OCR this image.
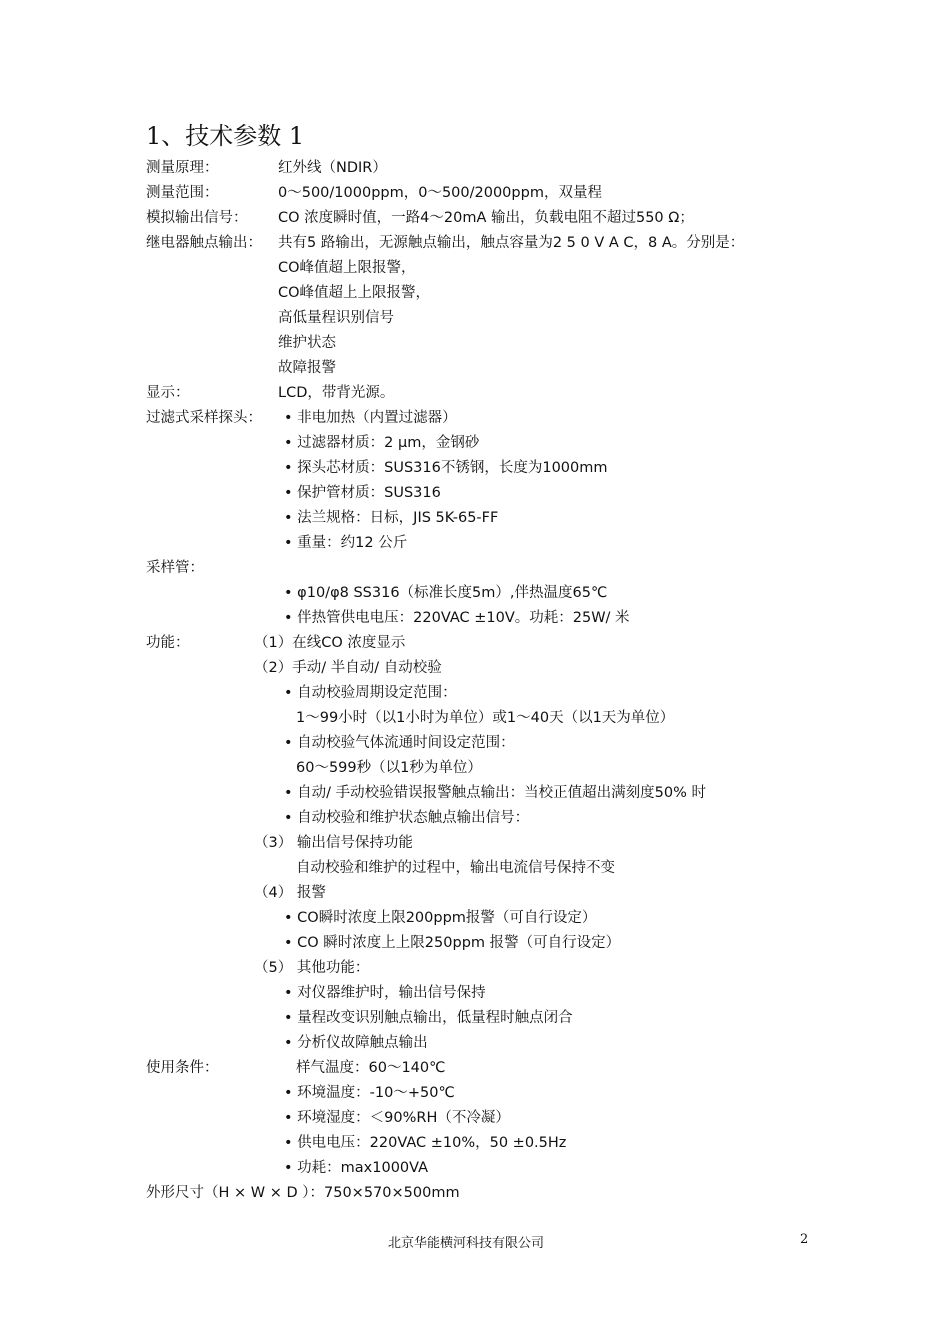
1、技术参数 1
测量原理：	红外线（NDIR）
测量范围：	0～500/1000ppm，0～500/2000ppm，双量程
模拟输出信号： CO 浓度瞬时值，一路4～20mA 输出，负载电阻不超过550 Ω；
继电器触点输出： 共有5 路输出，无源触点输出，触点容量为2 5 0 V A C，8 A。分别是：
CO峰值超上限报警，
CO峰值超上上限报警，
高低量程识别信号
维护状态
故障报警
显示：	LCD，带背光源。
过滤式采样探头： • 非电加热（内置过滤器）
• 过滤器材质：2 μm，金钢砂
• 探头芯材质：SUS316不锈钢，长度为1000mm
• 保护管材质：SUS316
• 法兰规格：日标，JIS 5K-65-FF
• 重量：约12 公斤
采样管：
• φ10/φ8 SS316（标准长度5m）,伴热温度65℃
• 伴热管供电电压：220VAC ±10V。功耗：25W/ 米
功能：	（1）在线CO 浓度显示
（2）手动/ 半自动/ 自动校验
• 自动校验周期设定范围：
1～99小时（以1小时为单位）或1～40天（以1天为单位）
• 自动校验气体流通时间设定范围：
60～599秒（以1秒为单位）
• 自动/ 手动校验错误报警触点输出：当校正值超出满刻度50% 时
• 自动校验和维护状态触点输出信号：
（3） 输出信号保持功能
自动校验和维护的过程中，输出电流信号保持不变
（4） 报警
• CO瞬时浓度上限200ppm报警（可自行设定）
• CO 瞬时浓度上上限250ppm 报警（可自行设定）
（5） 其他功能：
• 对仪器维护时，输出信号保持
• 量程改变识别触点输出，低量程时触点闭合
• 分析仪故障触点输出
使用条件：	样气温度：60～140℃
• 环境温度：-10～+50℃
• 环境湿度：＜90%RH（不冷凝）
• 供电电压：220VAC ±10%，50 ±0.5Hz
• 功耗：max1000VA
外形尺寸（H × W × D ）：750×570×500mm
北京华能横河科技有限公司	2
